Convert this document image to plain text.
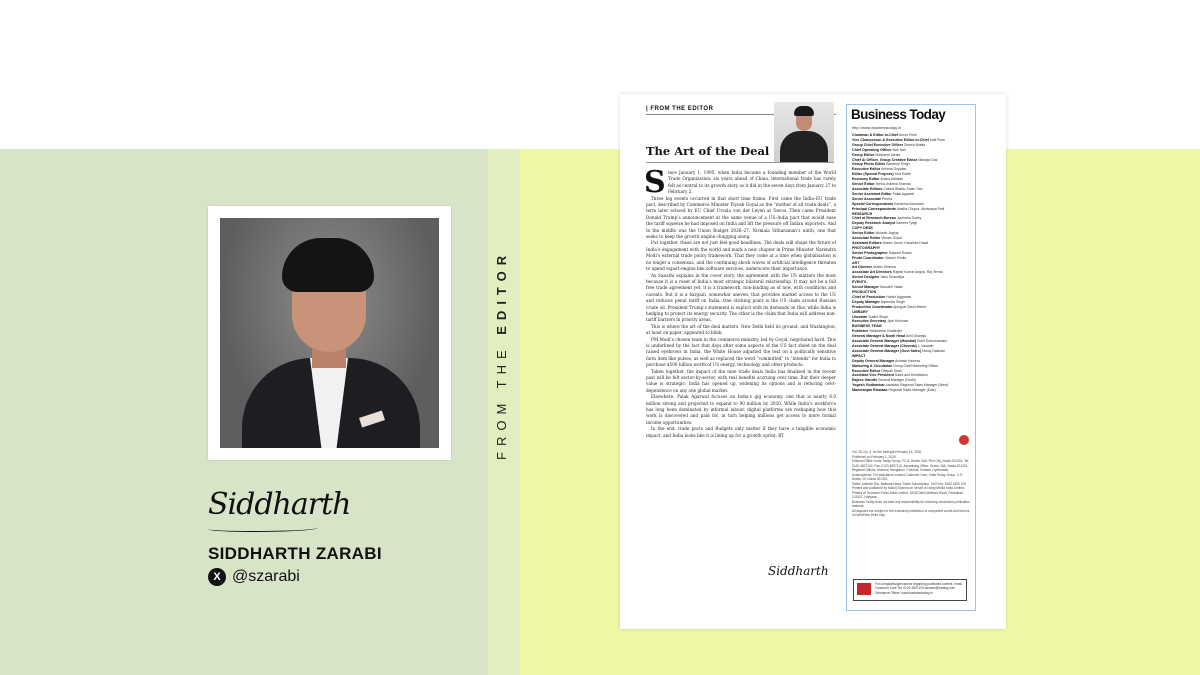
FROM THE EDITOR
Siddharth
SIDDHARTH ZARABI
X @szarabi
| FROM THE EDITOR
The Art of the Deal
S ince January 1, 1995, when India became a founding member of the World Trade Organization, six years ahead of China, international trade has rarely felt as central to its growth story as it did in the seven days from January 27 to February 2.

Three big events occurred in that short time frame. First came the India–EU trade pact, described by Commerce Minister Piyush Goyal as the “mother of all trade deals”, a term later echoed by EU Chief Ursula von der Leyen at Davos. Then came President Donald Trump’s announcement at the same venue of a US–India pact that would ease the tariff squeeze he had imposed on India and lift the pressure off Indian exporters. And in the middle was the Union Budget 2026–27, Nirmala Sitharaman’s ninth, one that seeks to keep the growth engine chugging along.

Put together, these are not just feel-good headlines. The deals will shape the future of India’s engagement with the world and mark a new chapter in Prime Minister Narendra Modi’s external trade policy framework. That they come at a time when globalisation is no longer a consensus, and the continuing shock waves of artificial intelligence threaten to upend export-engine like software services, underscore their importance.

As Sanathi explains in the cover story, the agreement with the US matters the most because it is a reset of India’s most strategic bilateral relationship. It may not be a full free trade agreement yet; it is a framework, non-binding as of now, with conditions and caveats. But it is a bargain, somewhat uneven, that provides market access to the US and reduces penal tariff on India. One sticking point is the US claim around Russian crude oil. President Trump’s statement is explicit with its demands on this, while India is hedging to protect its energy security. The other is the claim that India will address non-tariff barriers in priority areas.

This is where the art of the deal matters. New Delhi held its ground, and Washington, at least on paper, appeared to blink.

PM Modi’s chosen team in the commerce ministry, led by Goyal, negotiated hard. This is underlined by the fact that days after some aspects of the US fact sheet on the deal raised eyebrows in India, the White House adjusted the text on a politically sensitive farm item like pulses, as well as replaced the word “committed” to “intends” for India to purchase $500 billion worth of US energy, technology and other products.

Taken together, the impact of the nine trade deals India has finalised in the recent past will be felt sector-by-sector, with real benefits accruing over time. But their deeper value is strategic: India has opened up, widening its options and is reducing over-dependence on any one global market.

Elsewhere, Palak Agarwal focuses on India’s gig economy, one that is nearly 6.0 million strong and projected to expand to 90 million by 2030. While India’s workforce has long been dominated by informal labour, digital platforms are reshaping how this work is discovered and paid for, in turn helping millions get access to more formal income opportunities.

In the end, trade pacts and Budgets only matter if they have a tangible economic impact, and India looks like it is lining up for a growth sprint. BT

Siddharth
Business Today
http://www.businesstoday.in
Chairman & Editor-in-Chief Aroon Purie
Vice Chairperson & Executive Editor-in-Chief Kalli Purie
Group Chief Executive Officer Dinesh Bhatia
Chief Operating Officer Alok Nair
Group Editor Siddharth Zarabi
Chief AI Officer, Group Creative Editor Nilanjan Das
Group Photo Editor Bandeep Singh
Executive Editor Krishna Gopalan
Editor (Special Projects) Tina Edwin
Economy Editor Anand Adhikari
Senior Editor Teena Jhamba Sharma
Associate Editors Chetna Bhatia, Kwan Tian
Senior Assistant Editor Palak Agarwal
Senior Associate Prerna
Special Correspondents Karishma Asoodani
Principal Correspondents Aastha Chopra, Aishwarya Patil
RESEARCH
Chief of Research Bureau Jyotindra Dubey
Deputy Research Analyst Sameer Tyagi
COPY DESK
Senior Editor Mukesh Jagota
Associate Editor Vikram Goyal
Assistant Editors Bhavin Doshi, Kaushika Dhadi
PHOTOGRAPHY
Senior Photographer Rajwant Rawat
Photo Coordinator Vidushi Kholia
ART
Art Director Ashish Sharma
Associate Art Directors Rajesh Kumar Angira, Raj Verma
Senior Designer Vanu Shandilya
EVENTS
Senior Manager Saurabh Yadav
PRODUCTION
Chief of Production Harish Aggarwal
Deputy Manager Narendra Singh
Production Coordinator Apinjyoti David Meher
LIBRARY
Librarian Sudhir Singh
Executive Secretary Jyoti Krishnan
BUSINESS TEAM
Publisher Siddhartha Chatterjee
General Manager & North Head Amit Dhamija
Associate General Manager (Mumbai) Rohit Subramaniam
Associate General Manager (Chennai) J. Vasanth
Associate General Manager (Govt Sales) Manoj Dastidar
IMPACT
Deputy General Manager Avinash Karkera
Marketing & Circulation Group Chief Marketing Officer
Executive Editor Deepak Shah
Assistant Vice President Sales and Distribution
Rajeev Gandhi General Manager (North)
Yogesh Godhankar Assistant Regional Sales Manager (West)
Manoranjan Biswaas Regional Sales Manager (East)
Vol. 35, No. 3, for the fortnight February 15, 2026
Published on February 1, 2026
Editorial Office: India Today Group, FC-8, Sector 16A, Film City, Noida 201301. Tel: 0120-4807100, Fax: 0120-4807110, Advertising Office: Sector 16A, Noida 201301.
Regional Offices: Mumbai, Bengaluru, Chennai, Kolkata, Hyderabad.
Subscriptions: For assistance contact Customer Care, India Today Group, C-9, Sector 10, Noida 201301.
Sales: Ambrish Rai, National Head, Sales Subscription, Toll Free: 1800 1800 100.
Printed and published by Manoj Sharma on behalf of Living Media India Limited. Printed at Thomson Press India Limited, 18/35 Delhi Mathura Road, Faridabad 121007, Haryana.
Business Today does not take any responsibility for returning unsolicited publication material.
All disputes are subject to the exclusive jurisdiction of competent courts and forums in Delhi/New Delhi only.
For complaints/grievances regarding published content, email: Customer Care Tel: 0120-4807100 wecare@intoday.com Grievance Officer: www.businesstoday.in
